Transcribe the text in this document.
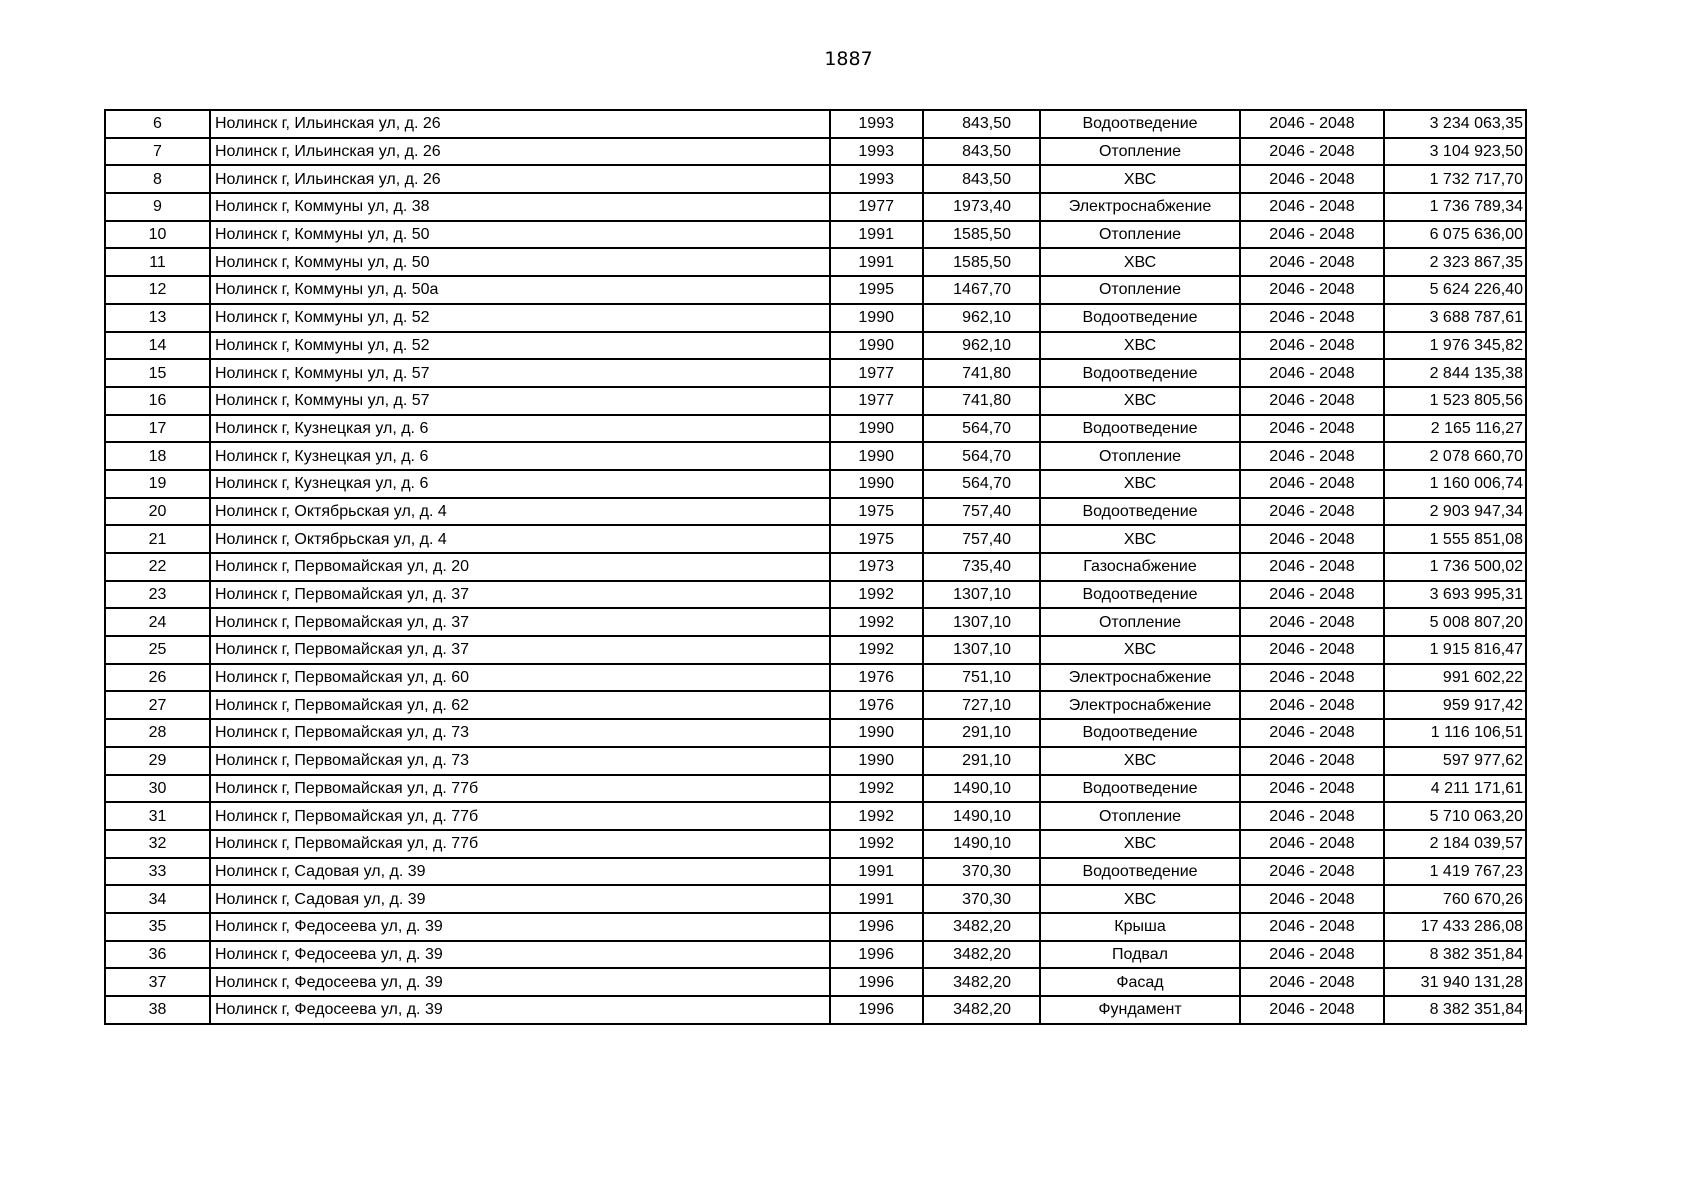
1887
6	Нолинск г, Ильинская ул, д. 26	1993	843,50	Водоотведение	2046 - 2048	3 234 063,35
7	Нолинск г, Ильинская ул, д. 26	1993	843,50	Отопление	2046 - 2048	3 104 923,50
8	Нолинск г, Ильинская ул, д. 26	1993	843,50	ХВС	2046 - 2048	1 732 717,70
9	Нолинск г, Коммуны ул, д. 38	1977	1973,40	Электроснабжение	2046 - 2048	1 736 789,34
10	Нолинск г, Коммуны ул, д. 50	1991	1585,50	Отопление	2046 - 2048	6 075 636,00
11	Нолинск г, Коммуны ул, д. 50	1991	1585,50	ХВС	2046 - 2048	2 323 867,35
12	Нолинск г, Коммуны ул, д. 50а	1995	1467,70	Отопление	2046 - 2048	5 624 226,40
13	Нолинск г, Коммуны ул, д. 52	1990	962,10	Водоотведение	2046 - 2048	3 688 787,61
14	Нолинск г, Коммуны ул, д. 52	1990	962,10	ХВС	2046 - 2048	1 976 345,82
15	Нолинск г, Коммуны ул, д. 57	1977	741,80	Водоотведение	2046 - 2048	2 844 135,38
16	Нолинск г, Коммуны ул, д. 57	1977	741,80	ХВС	2046 - 2048	1 523 805,56
17	Нолинск г, Кузнецкая ул, д. 6	1990	564,70	Водоотведение	2046 - 2048	2 165 116,27
18	Нолинск г, Кузнецкая ул, д. 6	1990	564,70	Отопление	2046 - 2048	2 078 660,70
19	Нолинск г, Кузнецкая ул, д. 6	1990	564,70	ХВС	2046 - 2048	1 160 006,74
20	Нолинск г, Октябрьская ул, д. 4	1975	757,40	Водоотведение	2046 - 2048	2 903 947,34
21	Нолинск г, Октябрьская ул, д. 4	1975	757,40	ХВС	2046 - 2048	1 555 851,08
22	Нолинск г, Первомайская ул, д. 20	1973	735,40	Газоснабжение	2046 - 2048	1 736 500,02
23	Нолинск г, Первомайская ул, д. 37	1992	1307,10	Водоотведение	2046 - 2048	3 693 995,31
24	Нолинск г, Первомайская ул, д. 37	1992	1307,10	Отопление	2046 - 2048	5 008 807,20
25	Нолинск г, Первомайская ул, д. 37	1992	1307,10	ХВС	2046 - 2048	1 915 816,47
26	Нолинск г, Первомайская ул, д. 60	1976	751,10	Электроснабжение	2046 - 2048	991 602,22
27	Нолинск г, Первомайская ул, д. 62	1976	727,10	Электроснабжение	2046 - 2048	959 917,42
28	Нолинск г, Первомайская ул, д. 73	1990	291,10	Водоотведение	2046 - 2048	1 116 106,51
29	Нолинск г, Первомайская ул, д. 73	1990	291,10	ХВС	2046 - 2048	597 977,62
30	Нолинск г, Первомайская ул, д. 77б	1992	1490,10	Водоотведение	2046 - 2048	4 211 171,61
31	Нолинск г, Первомайская ул, д. 77б	1992	1490,10	Отопление	2046 - 2048	5 710 063,20
32	Нолинск г, Первомайская ул, д. 77б	1992	1490,10	ХВС	2046 - 2048	2 184 039,57
33	Нолинск г, Садовая ул, д. 39	1991	370,30	Водоотведение	2046 - 2048	1 419 767,23
34	Нолинск г, Садовая ул, д. 39	1991	370,30	ХВС	2046 - 2048	760 670,26
35	Нолинск г, Федосеева ул, д. 39	1996	3482,20	Крыша	2046 - 2048	17 433 286,08
36	Нолинск г, Федосеева ул, д. 39	1996	3482,20	Подвал	2046 - 2048	8 382 351,84
37	Нолинск г, Федосеева ул, д. 39	1996	3482,20	Фасад	2046 - 2048	31 940 131,28
38	Нолинск г, Федосеева ул, д. 39	1996	3482,20	Фундамент	2046 - 2048	8 382 351,84
